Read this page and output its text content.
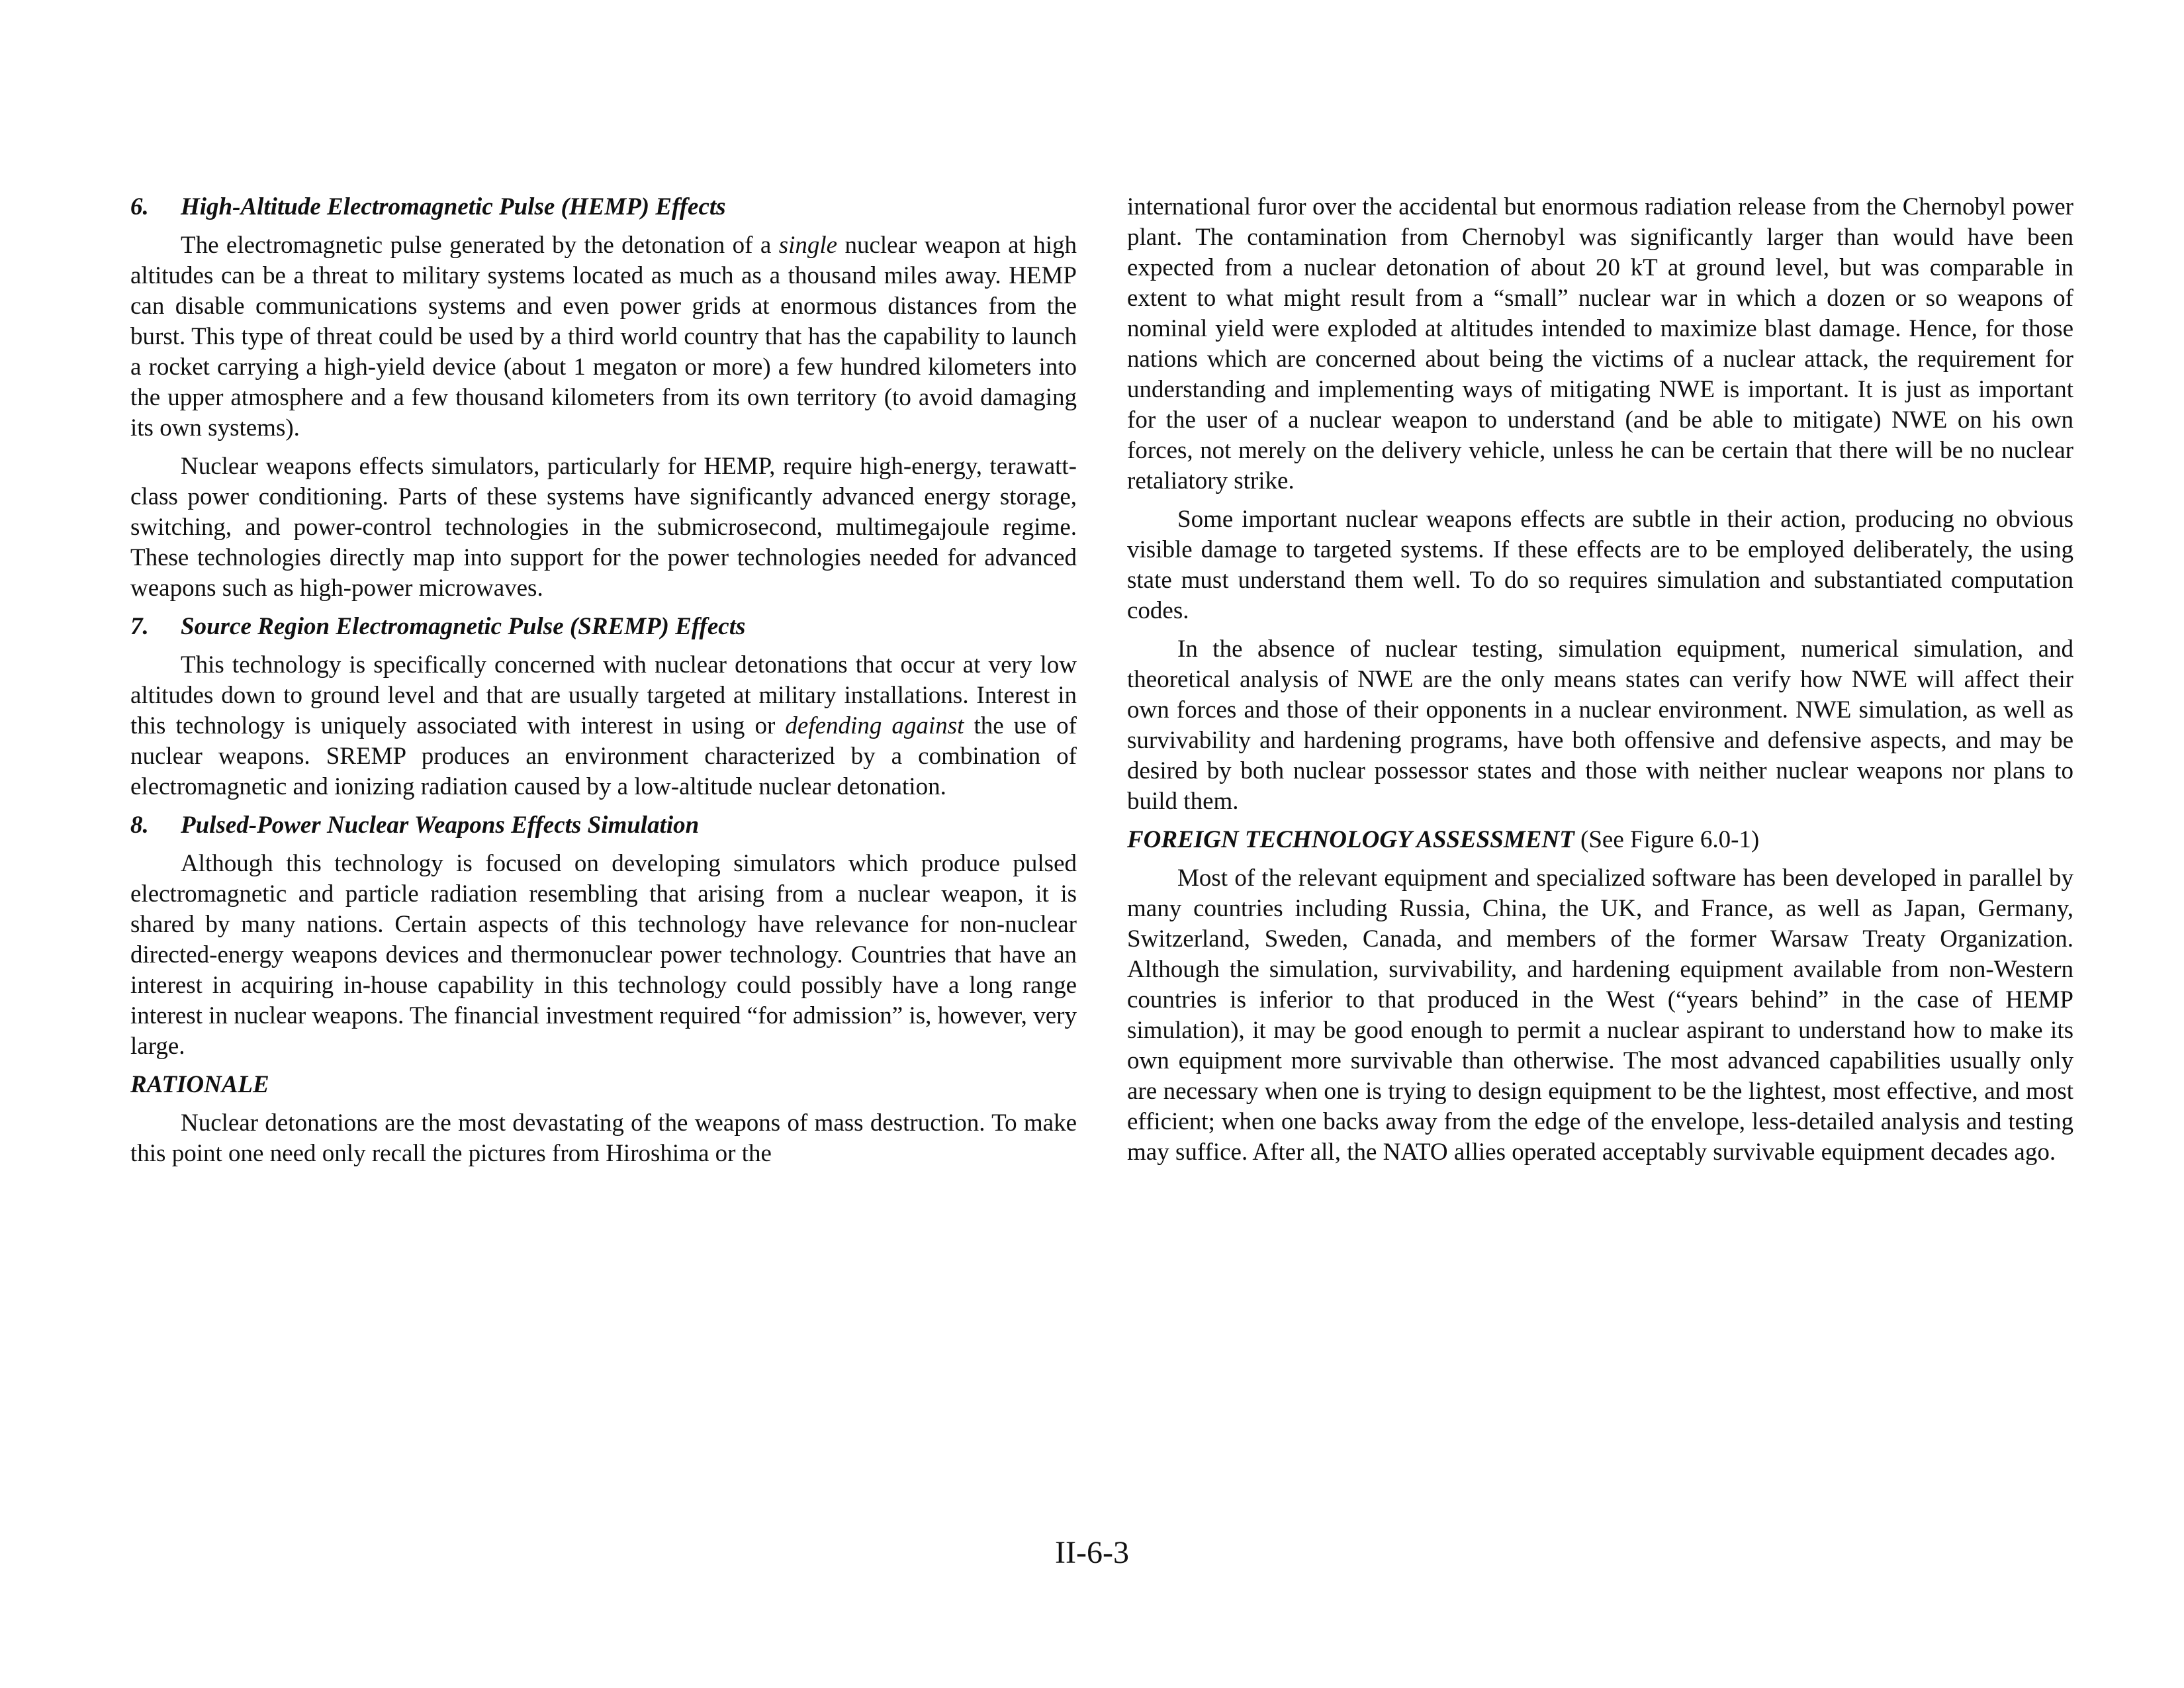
6. High-Altitude Electromagnetic Pulse (HEMP) Effects

The electromagnetic pulse generated by the detonation of a single nuclear weapon at high altitudes can be a threat to military systems located as much as a thousand miles away. HEMP can disable communications systems and even power grids at enormous distances from the burst. This type of threat could be used by a third world country that has the capability to launch a rocket carrying a high-yield device (about 1 megaton or more) a few hundred kilometers into the upper atmosphere and a few thousand kilometers from its own territory (to avoid damaging its own systems).

Nuclear weapons effects simulators, particularly for HEMP, require high-energy, terawatt-class power conditioning. Parts of these systems have significantly advanced energy storage, switching, and power-control technologies in the submicrosecond, multimegajoule regime. These technologies directly map into support for the power technologies needed for advanced weapons such as high-power microwaves.

7. Source Region Electromagnetic Pulse (SREMP) Effects

This technology is specifically concerned with nuclear detonations that occur at very low altitudes down to ground level and that are usually targeted at military installations. Interest in this technology is uniquely associated with interest in using or defending against the use of nuclear weapons. SREMP produces an environment characterized by a combination of electromagnetic and ionizing radiation caused by a low-altitude nuclear detonation.

8. Pulsed-Power Nuclear Weapons Effects Simulation

Although this technology is focused on developing simulators which produce pulsed electromagnetic and particle radiation resembling that arising from a nuclear weapon, it is shared by many nations. Certain aspects of this technology have relevance for non-nuclear directed-energy weapons devices and thermonuclear power technology. Countries that have an interest in acquiring in-house capability in this technology could possibly have a long range interest in nuclear weapons. The financial investment required “for admission” is, however, very large.

RATIONALE

Nuclear detonations are the most devastating of the weapons of mass destruction. To make this point one need only recall the pictures from Hiroshima or the

international furor over the accidental but enormous radiation release from the Chernobyl power plant. The contamination from Chernobyl was significantly larger than would have been expected from a nuclear detonation of about 20 kT at ground level, but was comparable in extent to what might result from a “small” nuclear war in which a dozen or so weapons of nominal yield were exploded at altitudes intended to maximize blast damage. Hence, for those nations which are concerned about being the victims of a nuclear attack, the requirement for understanding and implementing ways of mitigating NWE is important. It is just as important for the user of a nuclear weapon to understand (and be able to mitigate) NWE on his own forces, not merely on the delivery vehicle, unless he can be certain that there will be no nuclear retaliatory strike.

Some important nuclear weapons effects are subtle in their action, producing no obvious visible damage to targeted systems. If these effects are to be employed deliberately, the using state must understand them well. To do so requires simulation and substantiated computation codes.

In the absence of nuclear testing, simulation equipment, numerical simulation, and theoretical analysis of NWE are the only means states can verify how NWE will affect their own forces and those of their opponents in a nuclear environment. NWE simulation, as well as survivability and hardening programs, have both offensive and defensive aspects, and may be desired by both nuclear possessor states and those with neither nuclear weapons nor plans to build them.

FOREIGN TECHNOLOGY ASSESSMENT (See Figure 6.0-1)

Most of the relevant equipment and specialized software has been developed in parallel by many countries including Russia, China, the UK, and France, as well as Japan, Germany, Switzerland, Sweden, Canada, and members of the former Warsaw Treaty Organization. Although the simulation, survivability, and hardening equipment available from non-Western countries is inferior to that produced in the West (“years behind” in the case of HEMP simulation), it may be good enough to permit a nuclear aspirant to understand how to make its own equipment more survivable than otherwise. The most advanced capabilities usually only are necessary when one is trying to design equipment to be the lightest, most effective, and most efficient; when one backs away from the edge of the envelope, less-detailed analysis and testing may suffice. After all, the NATO allies operated acceptably survivable equipment decades ago.

II-6-3
